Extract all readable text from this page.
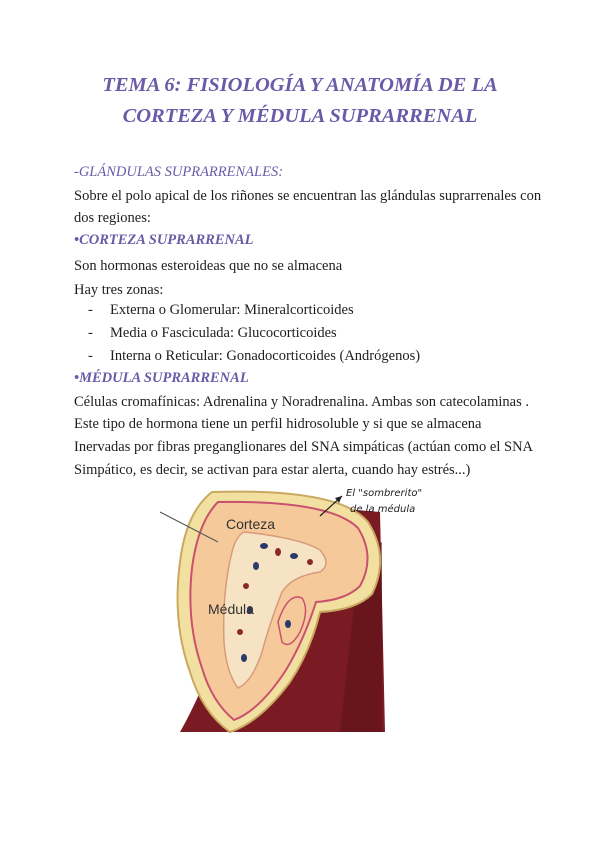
TEMA 6: FISIOLOGÍA Y ANATOMÍA DE LA
CORTEZA Y MÉDULA SUPRARRENAL
-GLÁNDULAS SUPRARRENALES:
Sobre el polo apical de los riñones se encuentran las glándulas suprarrenales con
dos regiones:
•CORTEZA SUPRARRENAL
Son hormonas esteroideas que no se almacena
Hay tres zonas:
- Externa o Glomerular: Mineralcorticoides
- Media o Fasciculada: Glucocorticoides
- Interna o Reticular: Gonadocorticoides (Andrógenos)
•MÉDULA SUPRARRENAL
Células cromafínicas: Adrenalina y Noradrenalina. Ambas son catecolaminas .
Este tipo de hormona tiene un perfil hidrosoluble y si que se almacena
Inervadas por fibras preganglionares del SNA simpáticas (actúan como el SNA
Simpático, es decir, se activan para estar alerta, cuando hay estrés...)
Corteza
Médula
El "sombrerito"
de la médula
